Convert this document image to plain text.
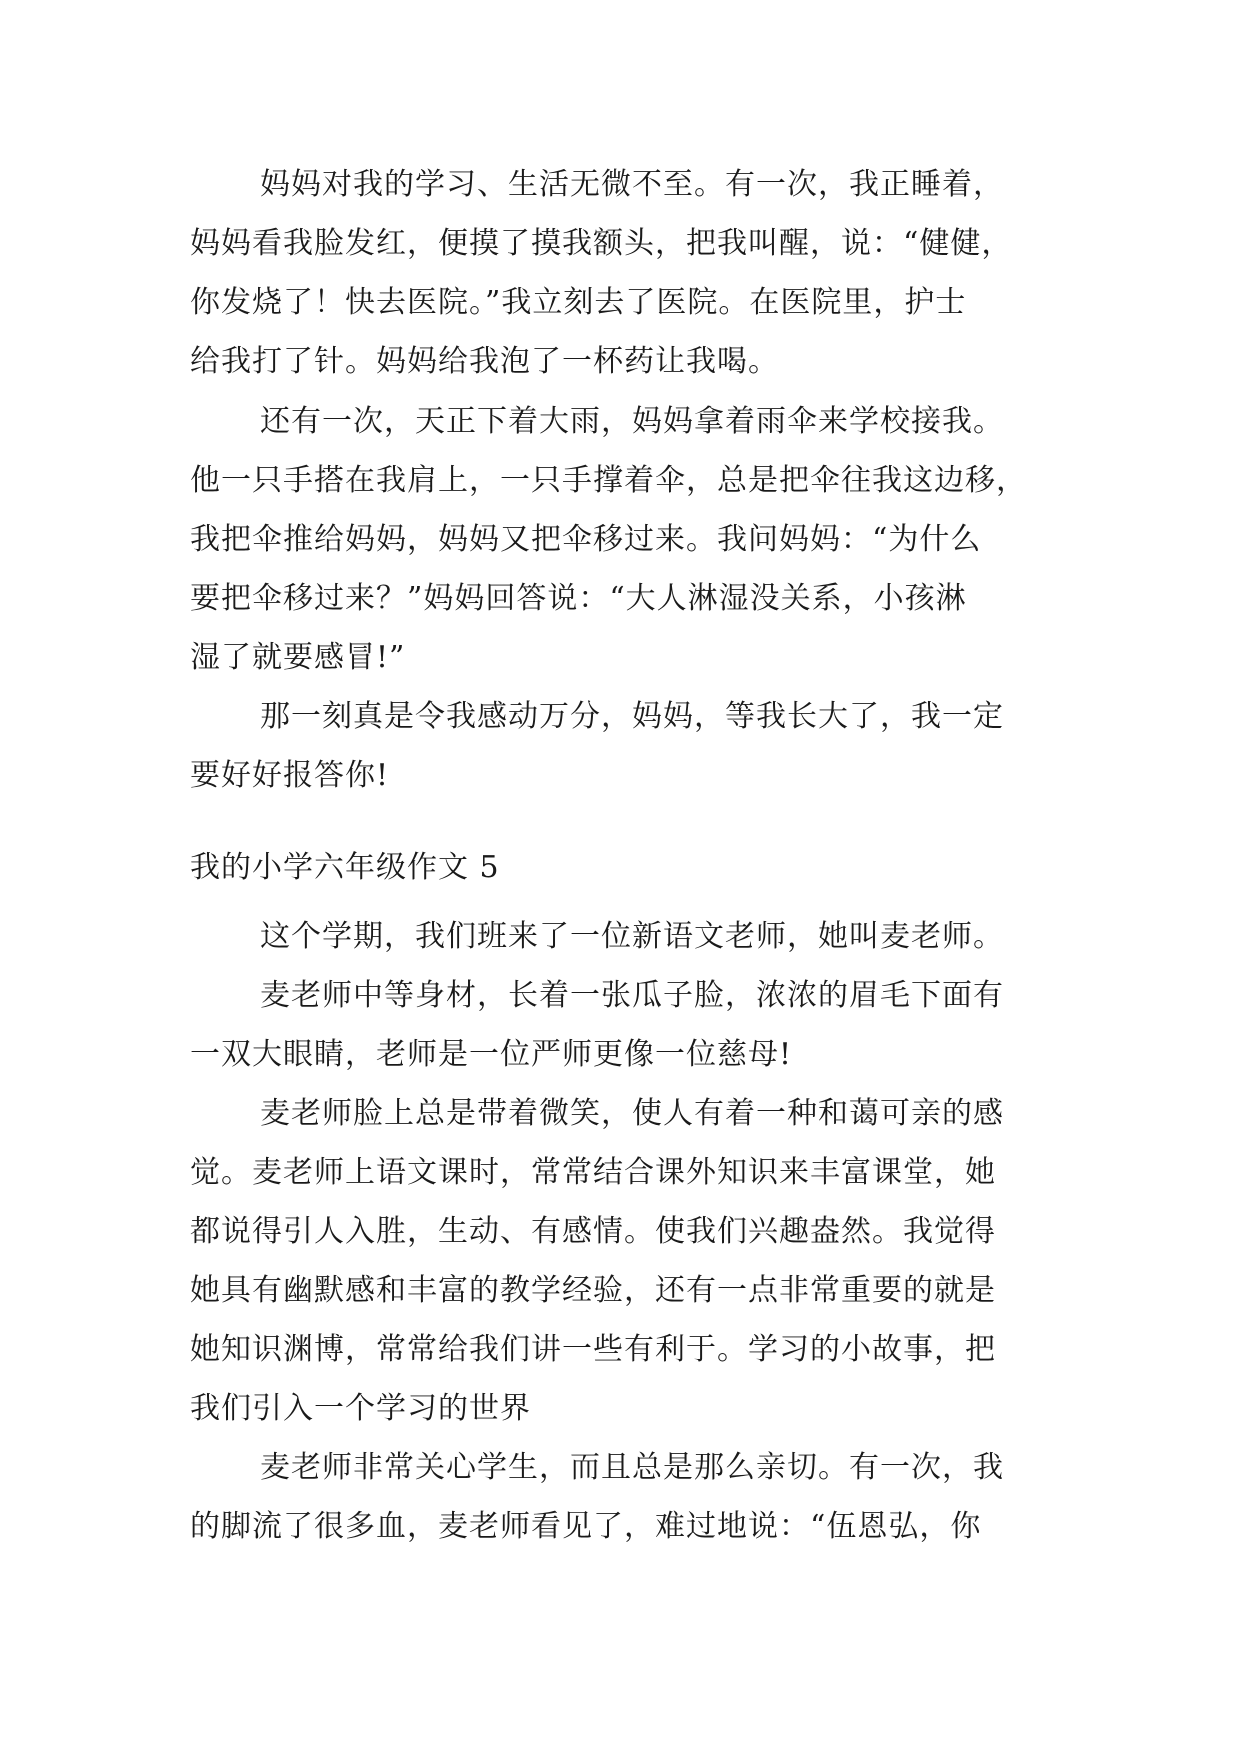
妈妈对我的学习、生活无微不至。有一次，我正睡着，
妈妈看我脸发红，便摸了摸我额头，把我叫醒，说：“健健，
你发烧了！快去医院。”我立刻去了医院。在医院里，护士
给我打了针。妈妈给我泡了一杯药让我喝。
还有一次，天正下着大雨，妈妈拿着雨伞来学校接我。
他一只手搭在我肩上，一只手撑着伞，总是把伞往我这边移，
我把伞推给妈妈，妈妈又把伞移过来。我问妈妈：“为什么
要把伞移过来？”妈妈回答说：“大人淋湿没关系，小孩淋
湿了就要感冒!”
那一刻真是令我感动万分，妈妈，等我长大了，我一定
要好好报答你!
我的小学六年级作文 5
这个学期，我们班来了一位新语文老师，她叫麦老师。
麦老师中等身材，长着一张瓜子脸，浓浓的眉毛下面有
一双大眼睛，老师是一位严师更像一位慈母!
麦老师脸上总是带着微笑，使人有着一种和蔼可亲的感
觉。麦老师上语文课时，常常结合课外知识来丰富课堂，她
都说得引人入胜，生动、有感情。使我们兴趣盎然。我觉得
她具有幽默感和丰富的教学经验，还有一点非常重要的就是
她知识渊博，常常给我们讲一些有利于。学习的小故事，把
我们引入一个学习的世界
麦老师非常关心学生，而且总是那么亲切。有一次，我
的脚流了很多血，麦老师看见了，难过地说：“伍恩弘，你
